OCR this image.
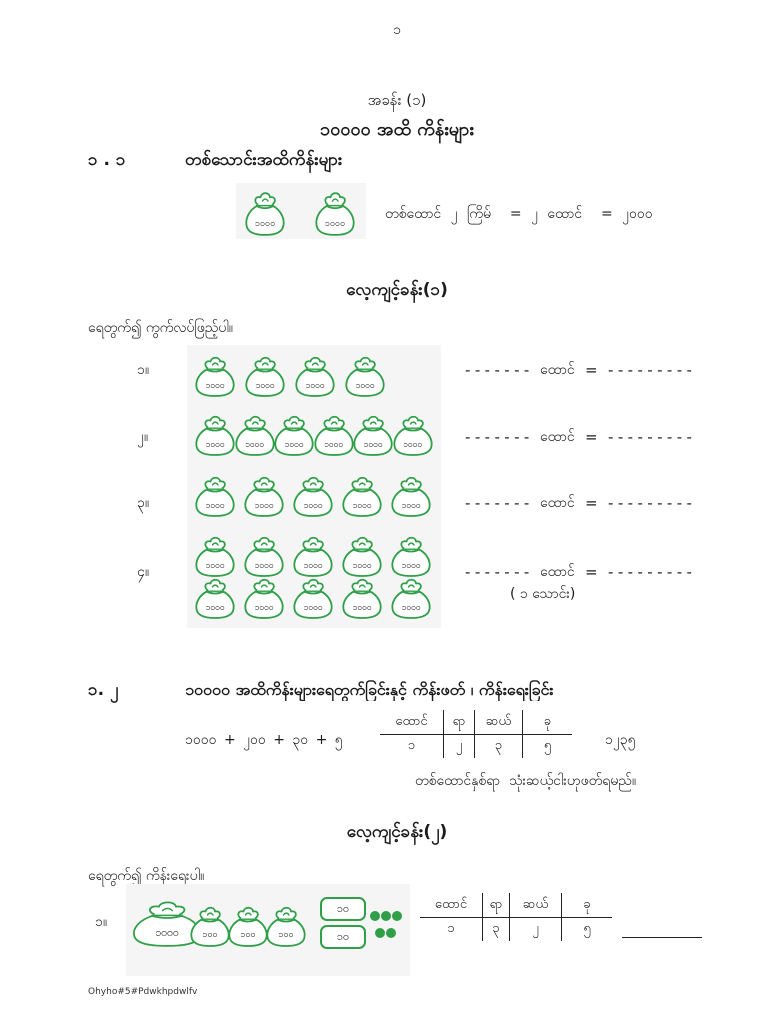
၁
အခန်း (၁)
၁၀၀၀၀ အထိ ကိန်းများ
၁ . ၁	တစ်သောင်းအထိကိန်းများ
၁၀၀၀	၁၀၀၀
တစ်ထောင် ၂ ကြိမ်  = ၂ ထောင်  = ၂၀၀၀
လေ့ကျင့်ခန်း(၁)
ရေတွက်၍ ကွက်လပ်ဖြည့်ပါ။
၁။
၁၀၀၀	၁၀၀၀	၁၀၀၀	၁၀၀၀
------- ထောင် = ---------
၂။	၁၀၀၀	၁၀၀၀	၁၀၀၀	၁၀၀၀	၁၀၀၀	၁၀၀၀	------- ထောင် = ---------
၃။	၁၀၀၀	၁၀၀၀	၁၀၀၀	၁၀၀၀	၁၀၀၀	------- ထောင် = ---------
၄။	၁၀၀၀	၁၀၀၀	၁၀၀၀	၁၀၀၀	၁၀၀၀
၁၀၀၀	၁၀၀၀	၁၀၀၀	၁၀၀၀	၁၀၀၀
------- ထောင် = ---------
( ၁ သောင်း)
၁. ၂	၁၀၀၀၀ အထိကိန်းများရေတွက်ခြင်းနှင့် ကိန်းဖတ် ၊ ကိန်းရေးခြင်း
၁၀၀၀ + ၂၀၀ + ၃၀ + ၅
ထောင်	ရာ	ဆယ်	ခု
၁	၂	၃	၅	၁၂၃၅
တစ်ထောင်နှစ်ရာ  သုံးဆယ့်ငါးဟုဖတ်ရမည်။
လေ့ကျင့်ခန်း(၂)
ရေတွက်၍ ကိန်းရေးပါ။
၁။
၁၀၀၀	၁၀၀	၁၀၀	၁၀၀
၁၀
၁၀
ထောင်	ရာ	ဆယ်	ခု
၁	၃	၂	၅
Ohyho#5#Pdwkhpdwlfv
